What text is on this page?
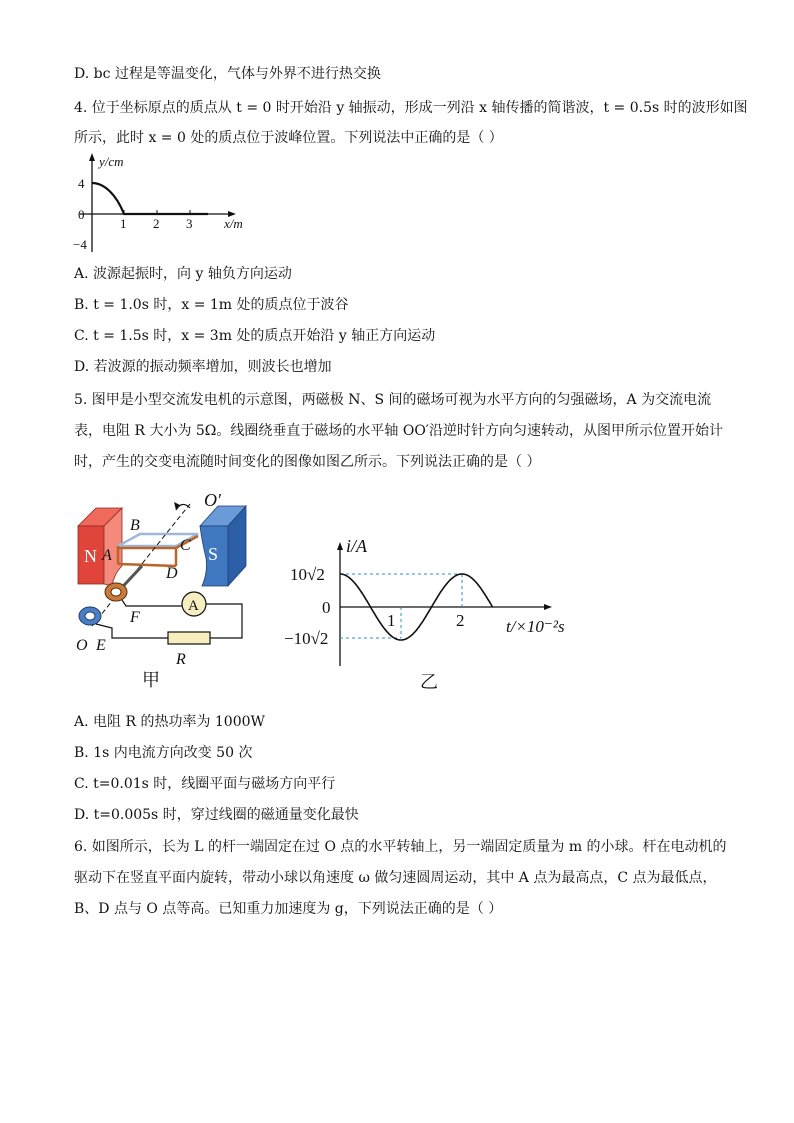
D. bc 过程是等温变化，气体与外界不进行热交换
4. 位于坐标原点的质点从 t = 0 时开始沿 y 轴振动，形成一列沿 x 轴传播的简谐波，t = 0.5s 时的波形如图
所示，此时 x = 0 处的质点位于波峰位置。下列说法中正确的是（ ）
y/cm
x/m
4
0
−4
1 2 3
A. 波源起振时，向 y 轴负方向运动
B. t = 1.0s 时，x = 1m 处的质点位于波谷
C. t = 1.5s 时，x = 3m 处的质点开始沿 y 轴正方向运动
D. 若波源的振动频率增加，则波长也增加
5. 图甲是小型交流发电机的示意图，两磁极 N、S 间的磁场可视为水平方向的匀强磁场，A 为交流电流
表，电阻 R 大小为 5Ω。线圈绕垂直于磁场的水平轴 OO′沿逆时针方向匀速转动，从图甲所示位置开始计
时，产生的交变电流随时间变化的图像如图乙所示。下列说法正确的是（ ）
N	S
A
O′
B
C
A
D
F
O E
R
甲
i/A
10√2
0
−10√2
1	2 t/×10⁻²s
乙
A. 电阻 R 的热功率为 1000W
B. 1s 内电流方向改变 50 次
C. t=0.01s 时，线圈平面与磁场方向平行
D. t=0.005s 时，穿过线圈的磁通量变化最快
6. 如图所示，长为 L 的杆一端固定在过 O 点的水平转轴上，另一端固定质量为 m 的小球。杆在电动机的
驱动下在竖直平面内旋转，带动小球以角速度 ω 做匀速圆周运动，其中 A 点为最高点，C 点为最低点，
B、D 点与 O 点等高。已知重力加速度为 g，下列说法正确的是（ ）
